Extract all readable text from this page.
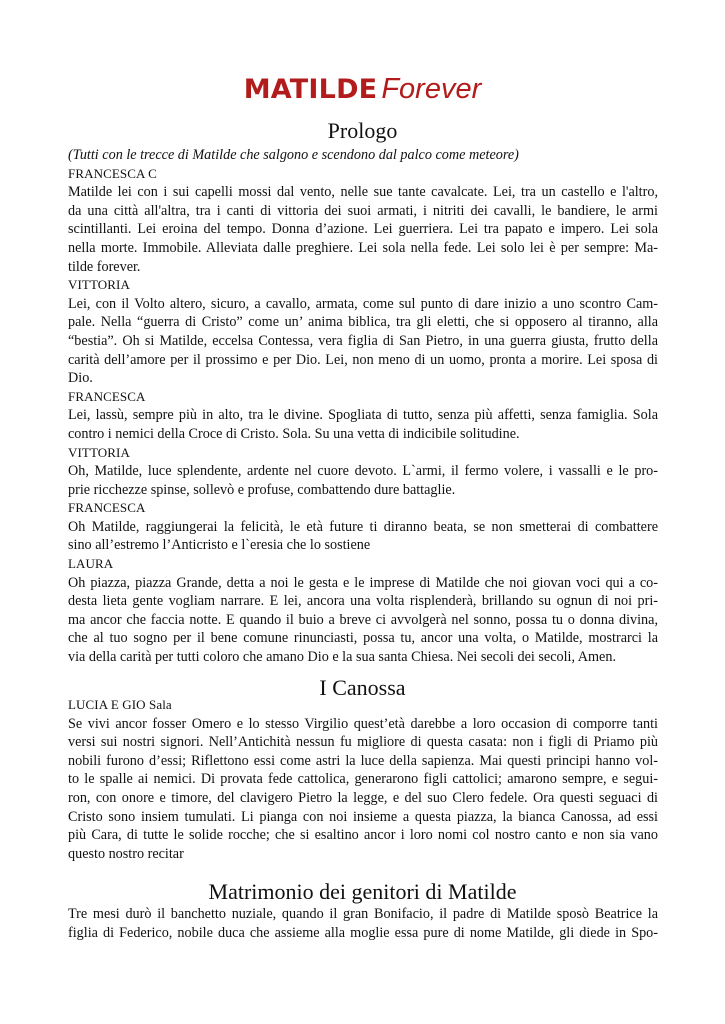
MATILDE Forever
Prologo

(Tutti con le trecce di Matilde che salgono e scendono dal palco come meteore)

FRANCESCA C

Matilde lei con i sui capelli mossi dal vento, nelle sue tante cavalcate. Lei, tra un castello e l'altro,
da una città all'altra, tra i canti di vittoria dei suoi armati, i nitriti dei cavalli, le bandiere, le armi
scintillanti. Lei eroina del tempo. Donna d’azione. Lei guerriera. Lei tra papato e impero. Lei sola
nella morte. Immobile. Alleviata dalle preghiere. Lei sola nella fede. Lei solo lei è per sempre: Ma-
tilde forever.

VITTORIA

Lei, con il Volto altero, sicuro, a cavallo, armata, come sul punto di dare inizio a uno scontro Cam-
pale. Nella “guerra di Cristo” come un’ anima biblica, tra gli eletti, che si opposero al tiranno, alla
“bestia”. Oh si Matilde, eccelsa Contessa, vera figlia di San Pietro, in una guerra giusta, frutto della
carità dell’amore per il prossimo e per Dio. Lei, non meno di un uomo, pronta a morire. Lei sposa di
Dio.

FRANCESCA

Lei, lassù, sempre più in alto, tra le divine. Spogliata di tutto, senza più affetti, senza famiglia. Sola
contro i nemici della Croce di Cristo. Sola. Su una vetta di indicibile solitudine.

VITTORIA

Oh, Matilde, luce splendente, ardente nel cuore devoto. L`armi, il fermo volere, i vassalli e le pro-
prie ricchezze spinse, sollevò e profuse, combattendo dure battaglie.

FRANCESCA

Oh Matilde, raggiungerai la felicità, le età future ti diranno beata, se non smetterai di combattere
sino all’estremo l’Anticristo e l`eresia che lo sostiene

LAURA

Oh piazza, piazza Grande, detta a noi le gesta e le imprese di Matilde che noi giovan voci qui a co-
desta lieta gente vogliam narrare. E lei, ancora una volta risplenderà, brillando su ognun di noi pri-
ma ancor che faccia notte. E quando il buio a breve ci avvolgerà nel sonno, possa tu o donna divina,
che al tuo sogno per il bene comune rinunciasti, possa tu, ancor una volta, o Matilde, mostrarci la
via della carità per tutti coloro che amano Dio e la sua santa Chiesa. Nei secoli dei secoli, Amen.
I Canossa

LUCIA E GIO Sala

Se vivi ancor fosser Omero e lo stesso Virgilio quest’età darebbe a loro occasion di comporre tanti
versi sui nostri signori. Nell’Antichità nessun fu migliore di questa casata: non i figli di Priamo più
nobili furono d’essi; Riflettono essi come astri la luce della sapienza. Mai questi principi hanno vol-
to le spalle ai nemici. Di provata fede cattolica, generarono figli cattolici; amarono sempre, e segui-
ron, con onore e timore, del clavigero Pietro la legge, e del suo Clero fedele. Ora questi seguaci di
Cristo sono insiem tumulati. Li pianga con noi insieme a questa piazza, la bianca Canossa, ad essi
più Cara, di tutte le solide rocche; che si esaltino ancor i loro nomi col nostro canto e non sia vano
questo nostro recitar
Matrimonio dei genitori di Matilde
Tre mesi durò il banchetto nuziale, quando il gran Bonifacio, il padre di Matilde sposò Beatrice la
figlia di Federico, nobile duca che assieme alla moglie essa pure di nome Matilde, gli diede in Spo-
